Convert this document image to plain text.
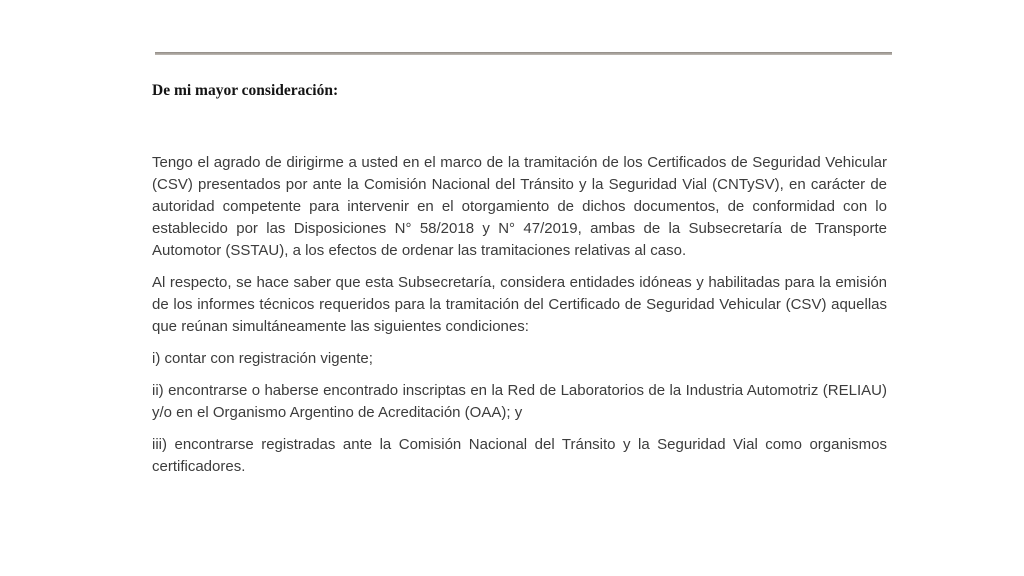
De mi mayor consideración:
Tengo el agrado de dirigirme a usted en el marco de la tramitación de los Certificados de Seguridad Vehicular
(CSV) presentados por ante la Comisión Nacional del Tránsito y la Seguridad Vial (CNTySV), en carácter de
autoridad competente para intervenir en el otorgamiento de dichos documentos, de conformidad con lo
establecido por las Disposiciones N° 58/2018 y N° 47/2019, ambas de la Subsecretaría de Transporte
Automotor (SSTAU), a los efectos de ordenar las tramitaciones relativas al caso.
Al respecto, se hace saber que esta Subsecretaría, considera entidades idóneas y habilitadas para la emisión
de los informes técnicos requeridos para la tramitación del Certificado de Seguridad Vehicular (CSV) aquellas
que reúnan simultáneamente las siguientes condiciones:
i) contar con registración vigente;
ii) encontrarse o haberse encontrado inscriptas en la Red de Laboratorios de la Industria Automotriz (RELIAU)
y/o en el Organismo Argentino de Acreditación (OAA); y
iii) encontrarse registradas ante la Comisión Nacional del Tránsito y la Seguridad Vial como organismos
certificadores.
